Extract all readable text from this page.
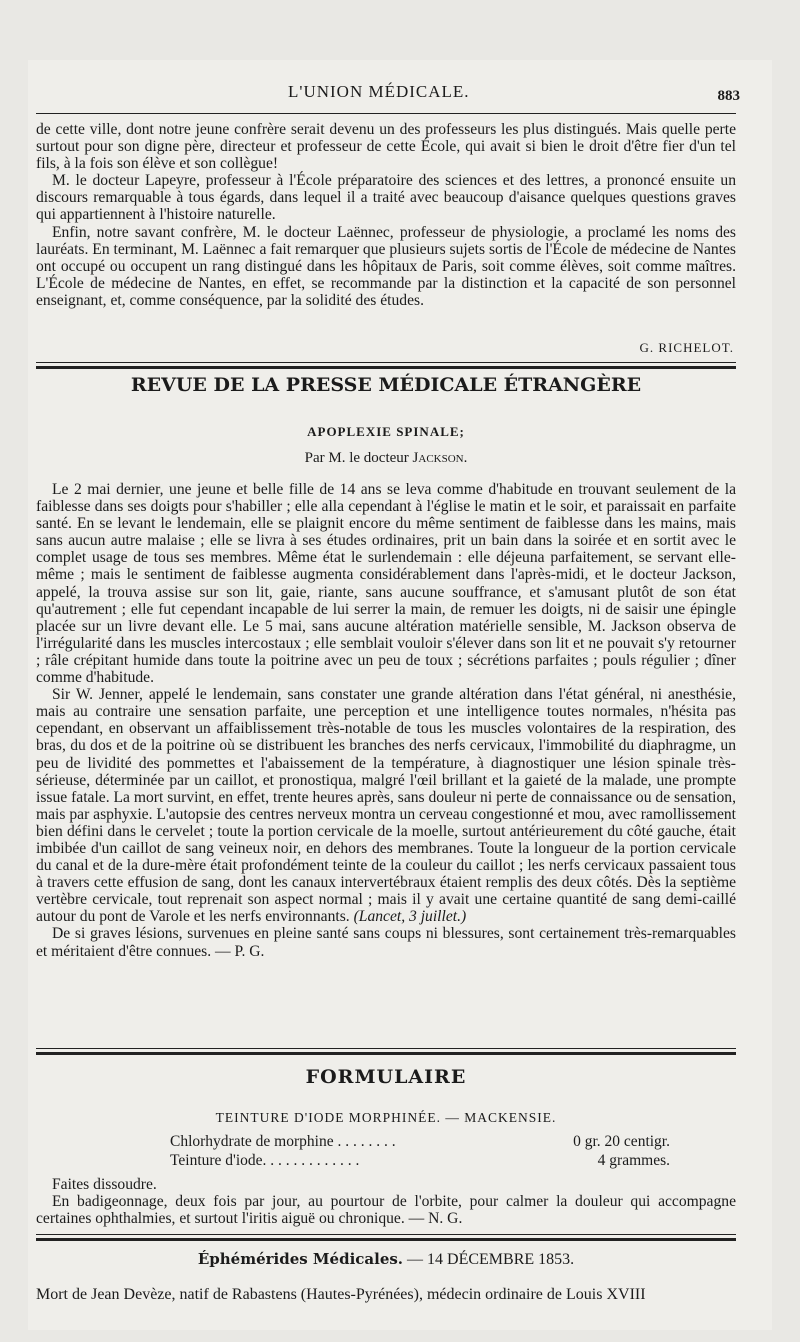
L'UNION MÉDICALE.	883

de cette ville, dont notre jeune confrère serait devenu un des professeurs les plus distingués. Mais quelle perte surtout pour son digne père, directeur et professeur de cette École, qui avait si bien le droit d'être fier d'un tel fils, à la fois son élève et son collègue!

M. le docteur Lapeyre, professeur à l'École préparatoire des sciences et des lettres, a prononcé ensuite un discours remarquable à tous égards, dans lequel il a traité avec beaucoup d'aisance quelques questions graves qui appartiennent à l'histoire naturelle.

Enfin, notre savant confrère, M. le docteur Laënnec, professeur de physiologie, a proclamé les noms des lauréats. En terminant, M. Laënnec a fait remarquer que plusieurs sujets sortis de l'École de médecine de Nantes ont occupé ou occupent un rang distingué dans les hôpitaux de Paris, soit comme élèves, soit comme maîtres. L'École de médecine de Nantes, en effet, se recommande par la distinction et la capacité de son personnel enseignant, et, comme conséquence, par la solidité des études.

G. RICHELOT.
REVUE DE LA PRESSE MÉDICALE ÉTRANGÈRE
APOPLEXIE SPINALE;
Par M. le docteur Jackson.

Le 2 mai dernier, une jeune et belle fille de 14 ans se leva comme d'habitude en trouvant seulement de la faiblesse dans ses doigts pour s'habiller ; elle alla cependant à l'église le matin et le soir, et paraissait en parfaite santé. En se levant le lendemain, elle se plaignit encore du même sentiment de faiblesse dans les mains, mais sans aucun autre malaise ; elle se livra à ses études ordinaires, prit un bain dans la soirée et en sortit avec le complet usage de tous ses membres. Même état le surlendemain : elle déjeuna parfaitement, se servant elle-même ; mais le sentiment de faiblesse augmenta considérablement dans l'après-midi, et le docteur Jackson, appelé, la trouva assise sur son lit, gaie, riante, sans aucune souffrance, et s'amusant plutôt de son état qu'autrement ; elle fut cependant incapable de lui serrer la main, de remuer les doigts, ni de saisir une épingle placée sur un livre devant elle. Le 5 mai, sans aucune altération matérielle sensible, M. Jackson observa de l'irrégularité dans les muscles intercostaux ; elle semblait vouloir s'élever dans son lit et ne pouvait s'y retourner ; râle crépitant humide dans toute la poitrine avec un peu de toux ; sécrétions parfaites ; pouls régulier ; dîner comme d'habitude.

Sir W. Jenner, appelé le lendemain, sans constater une grande altération dans l'état général, ni anesthésie, mais au contraire une sensation parfaite, une perception et une intelligence toutes normales, n'hésita pas cependant, en observant un affaiblissement très-notable de tous les muscles volontaires de la respiration, des bras, du dos et de la poitrine où se distribuent les branches des nerfs cervicaux, l'immobilité du diaphragme, un peu de lividité des pommettes et l'abaissement de la température, à diagnostiquer une lésion spinale très-sérieuse, déterminée par un caillot, et pronostiqua, malgré l'œil brillant et la gaieté de la malade, une prompte issue fatale. La mort survint, en effet, trente heures après, sans douleur ni perte de connaissance ou de sensation, mais par asphyxie. L'autopsie des centres nerveux montra un cerveau congestionné et mou, avec ramollissement bien défini dans le cervelet ; toute la portion cervicale de la moelle, surtout antérieurement du côté gauche, était imbibée d'un caillot de sang veineux noir, en dehors des membranes. Toute la longueur de la portion cervicale du canal et de la dure-mère était profondément teinte de la couleur du caillot ; les nerfs cervicaux passaient tous à travers cette effusion de sang, dont les canaux intervertébraux étaient remplis des deux côtés. Dès la septième vertèbre cervicale, tout reprenait son aspect normal ; mais il y avait une certaine quantité de sang demi-caillé autour du pont de Varole et les nerfs environnants. (Lancet, 3 juillet.)

De si graves lésions, survenues en pleine santé sans coups ni blessures, sont certainement très-remarquables et méritaient d'être connues. — P. G.

FORMULAIRE
TEINTURE D'IODE MORPHINÉE. — MACKENSIE.
Chlorhydrate de morphine . . . . . . . .	0 gr. 20 centigr.
Teinture d'iode. . . . . . . . . . . . .	4 grammes.

Faites dissoudre.

En badigeonnage, deux fois par jour, au pourtour de l'orbite, pour calmer la douleur qui accompagne certaines ophthalmies, et surtout l'iritis aiguë ou chronique. — N. G.

Éphémérides Médicales. — 14 DÉCEMBRE 1853.
Mort de Jean Devèze, natif de Rabastens (Hautes-Pyrénées), médecin ordinaire de Louis XVIII
